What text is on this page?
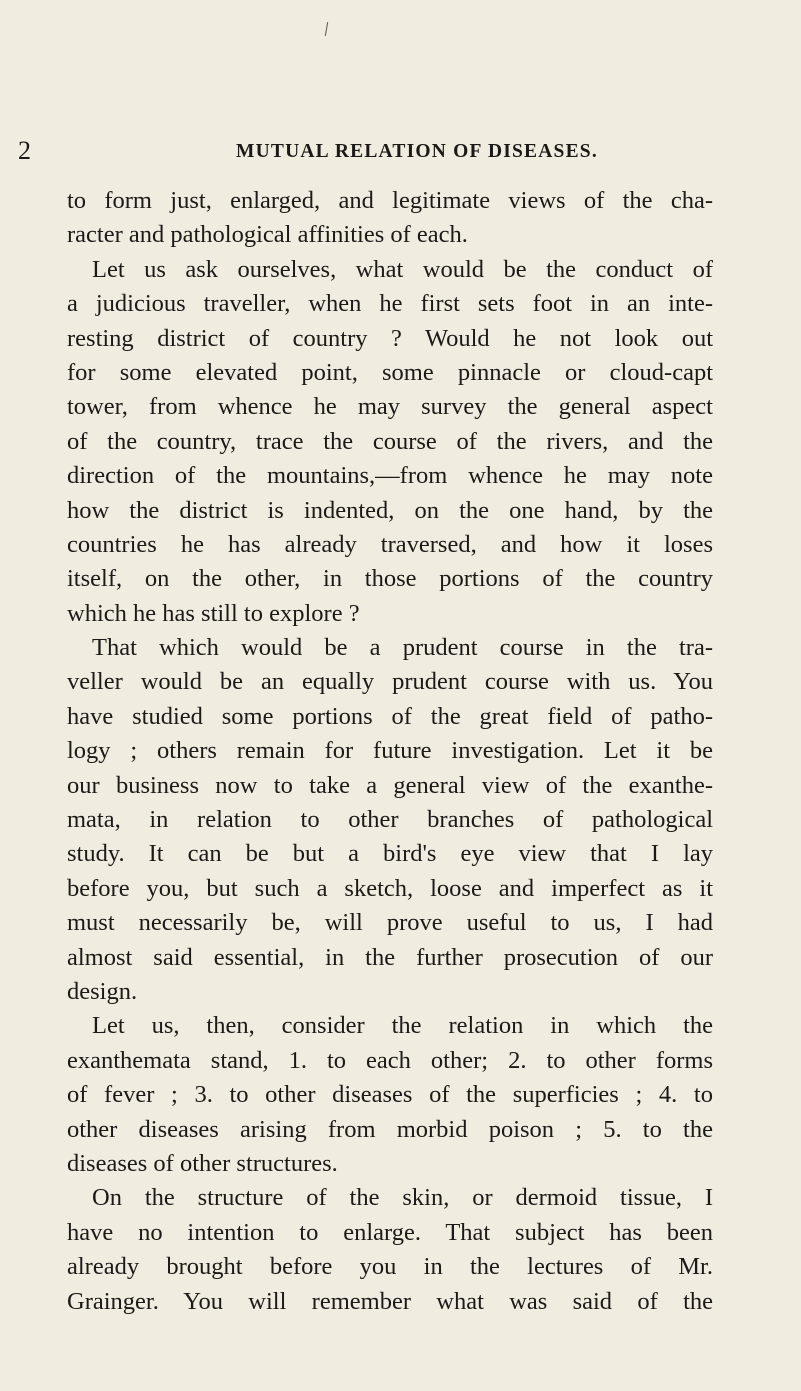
2	MUTUAL RELATION OF DISEASES.
to form just, enlarged, and legitimate views of the cha-
racter and pathological affinities of each.
Let us ask ourselves, what would be the conduct of
a judicious traveller, when he first sets foot in an inte-
resting district of country ? Would he not look out
for some elevated point, some pinnacle or cloud-capt
tower, from whence he may survey the general aspect
of the country, trace the course of the rivers, and the
direction of the mountains,—from whence he may note
how the district is indented, on the one hand, by the
countries he has already traversed, and how it loses
itself, on the other, in those portions of the country
which he has still to explore ?
That which would be a prudent course in the tra-
veller would be an equally prudent course with us. You
have studied some portions of the great field of patho-
logy ; others remain for future investigation. Let it be
our business now to take a general view of the exanthe-
mata, in relation to other branches of pathological
study. It can be but a bird's eye view that I lay
before you, but such a sketch, loose and imperfect as it
must necessarily be, will prove useful to us, I had
almost said essential, in the further prosecution of our
design.
Let us, then, consider the relation in which the
exanthemata stand, 1. to each other; 2. to other forms
of fever ; 3. to other diseases of the superficies ; 4. to
other diseases arising from morbid poison ; 5. to the
diseases of other structures.
On the structure of the skin, or dermoid tissue, I
have no intention to enlarge. That subject has been
already brought before you in the lectures of Mr.
Grainger. You will remember what was said of the
